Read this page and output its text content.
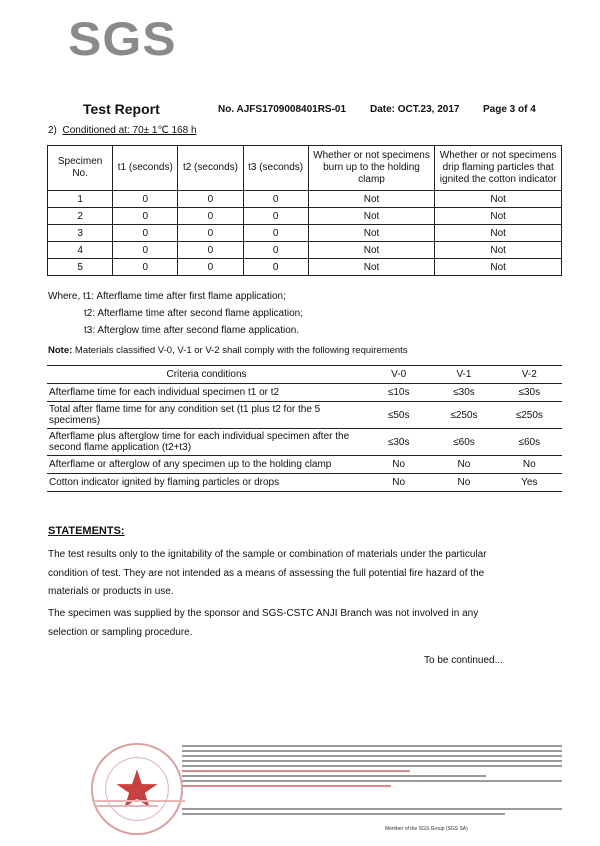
SGS
Test Report	No. AJFS1709008401RS-01 Date: OCT.23, 2017 Page 3 of 4
2) Conditioned at: 70± 1℃ 168 h
Specimen No.	t1 (seconds)	t2 (seconds)	t3 (seconds)	Whether or not specimens burn up to the holding clamp	Whether or not specimens drip flaming particles that ignited the cotton indicator
1	0	0	0	Not	Not
2	0	0	0	Not	Not
3	0	0	0	Not	Not
4	0	0	0	Not	Not
5	0	0	0	Not	Not
Where, t1: Afterflame time after first flame application;
t2: Afterflame time after second flame application;
t3: Afterglow time after second flame application.
Note: Materials classified V-0, V-1 or V-2 shall comply with the following requirements
Criteria conditions	V-0	V-1	V-2
Afterflame time for each individual specimen t1 or t2	≤10s	≤30s	≤30s
Total after flame time for any condition set (t1 plus t2 for the 5 specimens)	≤50s	≤250s	≤250s
Afterflame plus afterglow time for each individual specimen after the second flame application (t2+t3)	≤30s	≤60s	≤60s
Afterflame or afterglow of any specimen up to the holding clamp	No	No	No
Cotton indicator ignited by flaming particles or drops	No	No	Yes
STATEMENTS:
The test results only to the ignitability of the sample or combination of materials under the particular condition of test. They are not intended as a means of assessing the full potential fire hazard of the materials or products in use.
The specimen was supplied by the sponsor and SGS-CSTC ANJI Branch was not involved in any selection or sampling procedure.
To be continued...
Member of the SGS Group (SGS SA)
